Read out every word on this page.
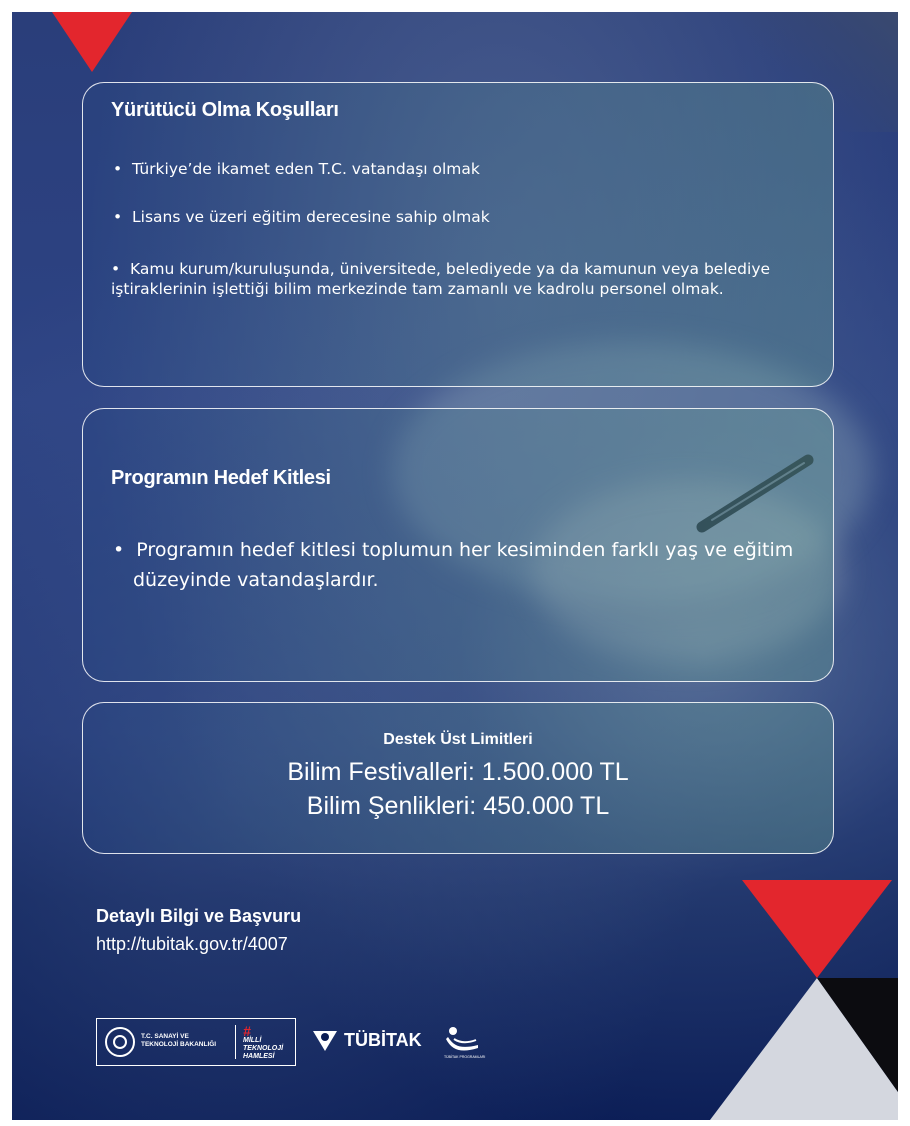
Yürütücü Olma Koşulları
•  Türkiye’de ikamet eden T.C. vatandaşı olmak
•  Lisans ve üzeri eğitim derecesine sahip olmak
•  Kamu kurum/kuruluşunda, üniversitede, belediyede ya da kamunun veya belediye iştiraklerinin işlettiği bilim merkezinde tam zamanlı ve kadrolu personel olmak.
Programın Hedef Kitlesi
•  Programın hedef kitlesi toplumun her kesiminden farklı yaş ve eğitim düzeyinde vatandaşlardır.
Destek Üst Limitleri
Bilim Festivalleri: 1.500.000 TL
Bilim Şenlikleri: 450.000 TL
Detaylı Bilgi ve Başvuru
http://tubitak.gov.tr/4007
T.C. SANAYİ VE
TEKNOLOJİ BAKANLIĞI
#
MİLLİ
TEKNOLOJİ
HAMLESİ
TÜBİTAK
TÜBİTAK PROGRAMLARI
